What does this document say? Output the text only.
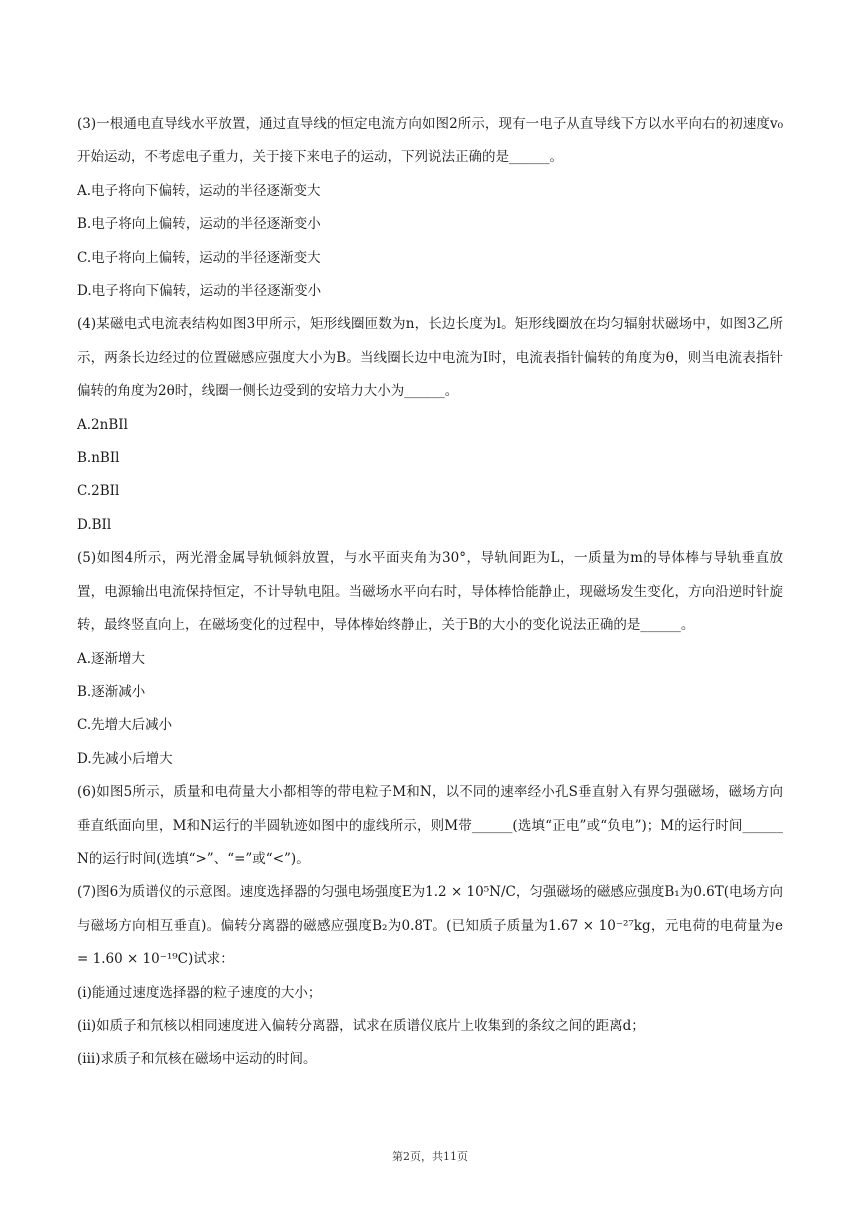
(3)一根通电直导线水平放置，通过直导线的恒定电流方向如图2所示，现有一电子从直导线下方以水平向右的初速度v₀开始运动，不考虑电子重力，关于接下来电子的运动，下列说法正确的是______。

A.电子将向下偏转，运动的半径逐渐变大

B.电子将向上偏转，运动的半径逐渐变小

C.电子将向上偏转，运动的半径逐渐变大

D.电子将向下偏转，运动的半径逐渐变小

(4)某磁电式电流表结构如图3甲所示，矩形线圈匝数为n，长边长度为l。矩形线圈放在均匀辐射状磁场中，如图3乙所示，两条长边经过的位置磁感应强度大小为B。当线圈长边中电流为I时，电流表指针偏转的角度为θ，则当电流表指针偏转的角度为2θ时，线圈一侧长边受到的安培力大小为______。

A.2nBIl

B.nBIl

C.2BIl

D.BIl

(5)如图4所示，两光滑金属导轨倾斜放置，与水平面夹角为30°，导轨间距为L，一质量为m的导体棒与导轨垂直放置，电源输出电流保持恒定，不计导轨电阻。当磁场水平向右时，导体棒恰能静止，现磁场发生变化，方向沿逆时针旋转，最终竖直向上，在磁场变化的过程中，导体棒始终静止，关于B的大小的变化说法正确的是______。

A.逐渐增大

B.逐渐减小

C.先增大后减小

D.先减小后增大

(6)如图5所示，质量和电荷量大小都相等的带电粒子M和N，以不同的速率经小孔S垂直射入有界匀强磁场，磁场方向垂直纸面向里，M和N运行的半圆轨迹如图中的虚线所示，则M带______(选填“正电”或“负电”)；M的运行时间______N的运行时间(选填“>”、“=”或“<”)。

(7)图6为质谱仪的示意图。速度选择器的匀强电场强度E为1.2 × 10⁵N/C，匀强磁场的磁感应强度B₁为0.6T(电场方向与磁场方向相互垂直)。偏转分离器的磁感应强度B₂为0.8T。(已知质子质量为1.67 × 10⁻²⁷kg，元电荷的电荷量为e = 1.60 × 10⁻¹⁹C)试求：

(i)能通过速度选择器的粒子速度的大小；

(ii)如质子和氘核以相同速度进入偏转分离器，试求在质谱仪底片上收集到的条纹之间的距离d；

(iii)求质子和氘核在磁场中运动的时间。

第2页，共11页
